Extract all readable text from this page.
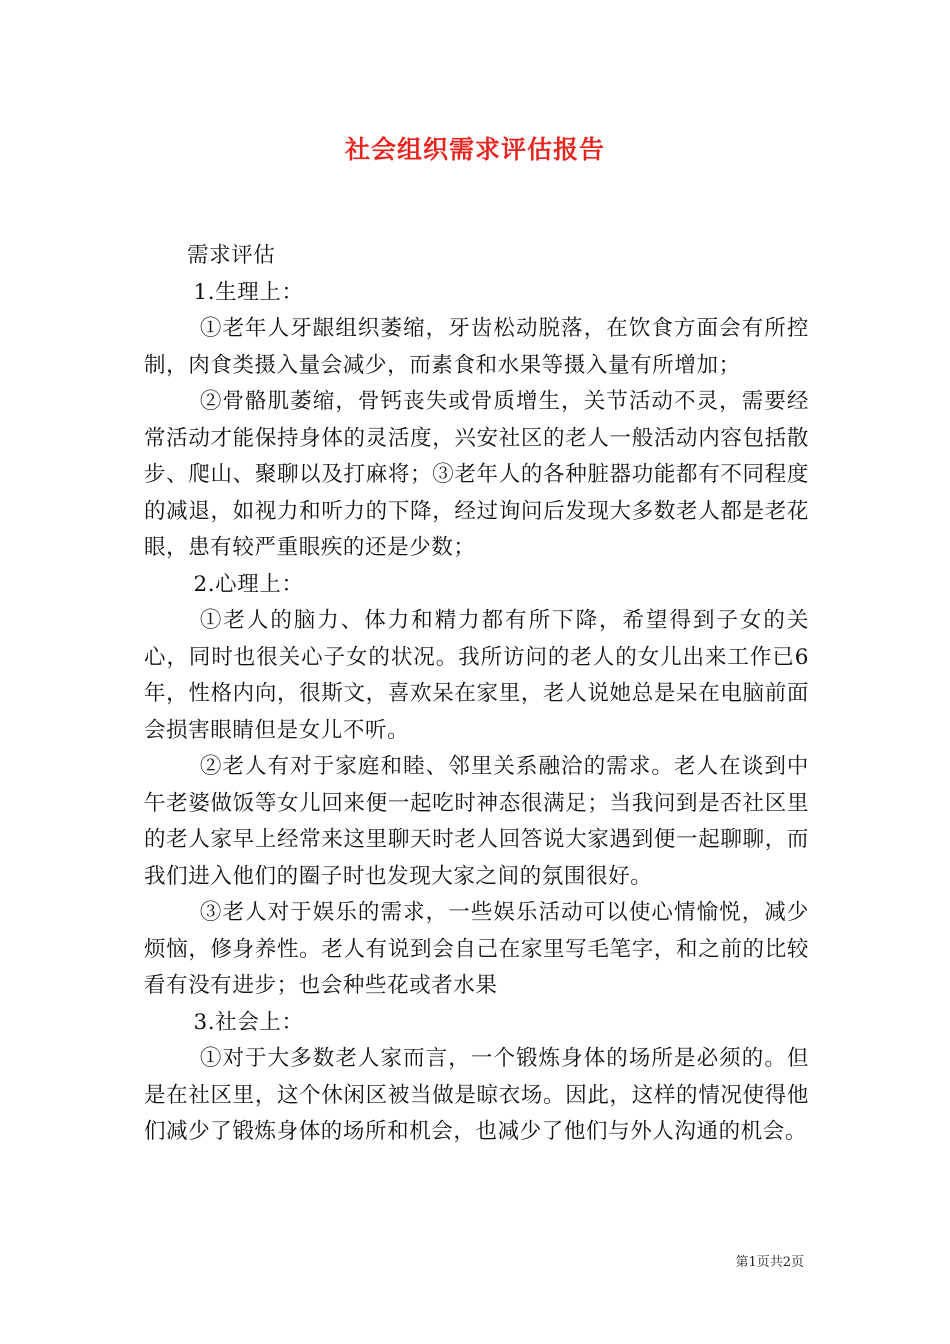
社会组织需求评估报告

需求评估

1.生理上：

①老年人牙龈组织萎缩，牙齿松动脱落，在饮食方面会有所控制，肉食类摄入量会减少，而素食和水果等摄入量有所增加；

②骨骼肌萎缩，骨钙丧失或骨质增生，关节活动不灵，需要经常活动才能保持身体的灵活度，兴安社区的老人一般活动内容包括散步、爬山、聚聊以及打麻将；③老年人的各种脏器功能都有不同程度的减退，如视力和听力的下降，经过询问后发现大多数老人都是老花眼，患有较严重眼疾的还是少数；

2.心理上：

①老人的脑力、体力和精力都有所下降，希望得到子女的关心，同时也很关心子女的状况。我所访问的老人的女儿出来工作已6年，性格内向，很斯文，喜欢呆在家里，老人说她总是呆在电脑前面会损害眼睛但是女儿不听。

②老人有对于家庭和睦、邻里关系融洽的需求。老人在谈到中午老婆做饭等女儿回来便一起吃时神态很满足；当我问到是否社区里的老人家早上经常来这里聊天时老人回答说大家遇到便一起聊聊，而我们进入他们的圈子时也发现大家之间的氛围很好。

③老人对于娱乐的需求，一些娱乐活动可以使心情愉悦，减少烦恼，修身养性。老人有说到会自己在家里写毛笔字，和之前的比较看有没有进步；也会种些花或者水果

3.社会上：

①对于大多数老人家而言，一个锻炼身体的场所是必须的。但是在社区里，这个休闲区被当做是晾衣场。因此，这样的情况使得他们减少了锻炼身体的场所和机会，也减少了他们与外人沟通的机会。

第1页共2页
